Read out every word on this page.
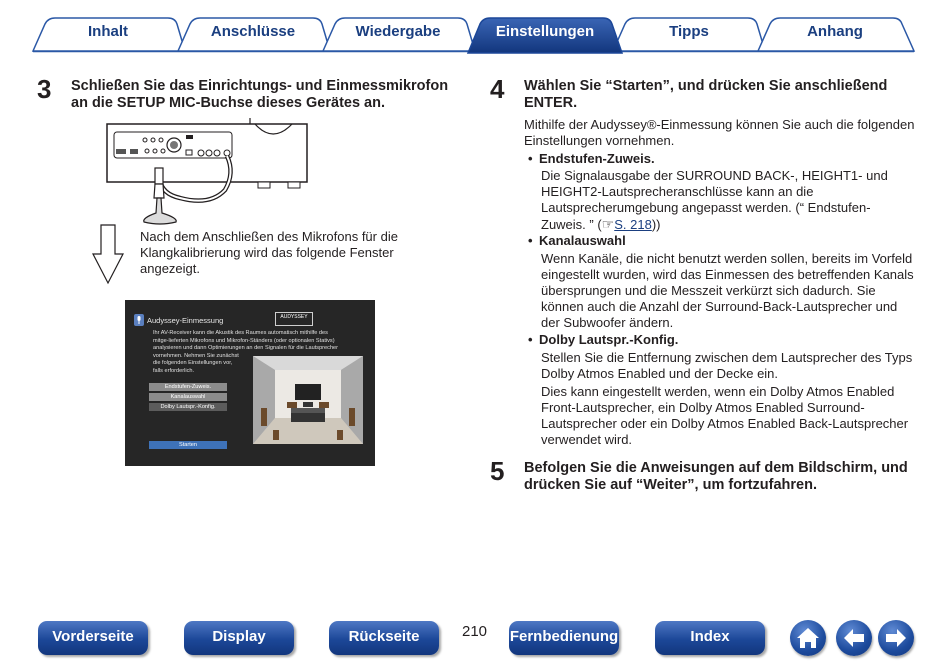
Inhalt	Anschlüsse	Wiedergabe	Einstellungen	Tipps	Anhang
3 Schließen Sie das Einrichtungs- und Einmessmikrofon
an die SETUP MIC-Buchse dieses Gerätes an.
Nach dem Anschließen des Mikrofons für die
Klangkalibrierung wird das folgende Fenster
angezeigt.
Audyssey-Einmessung	AUDYSSEY
Ihr AV-Receiver kann die Akustik des Raumes automatisch mithilfe des
mitge-lieferten Mikrofons und Mikrofon-Ständers (oder optionalen Stativs)
analysieren und dann Optimierungen an den Signalen für die Lautsprecher
vornehmen. Nehmen Sie zunächst
die folgenden Einstellungen vor,
falls erforderlich.
Endstufen-Zuweis.
Kanalauswahl
Dolby Lautspr.-Konfig.
Starten
4 Wählen Sie “Starten”, und drücken Sie anschließend
ENTER.
Mithilfe der Audyssey®-Einmessung können Sie auch die folgenden
Einstellungen vornehmen.
• Endstufen-Zuweis.
Die Signalausgabe der SURROUND BACK-, HEIGHT1- und
HEIGHT2-Lautsprecheranschlüsse kann an die
Lautsprecherumgebung angepasst werden. (“ Endstufen-
Zuweis. ” (☞S. 218))
• Kanalauswahl
Wenn Kanäle, die nicht benutzt werden sollen, bereits im Vorfeld
eingestellt wurden, wird das Einmessen des betreffenden Kanals
übersprungen und die Messzeit verkürzt sich dadurch. Sie
können auch die Anzahl der Surround-Back-Lautsprecher und
der Subwoofer ändern.
• Dolby Lautspr.-Konfig.
Stellen Sie die Entfernung zwischen dem Lautsprecher des Typs
Dolby Atmos Enabled und der Decke ein.
Dies kann eingestellt werden, wenn ein Dolby Atmos Enabled
Front-Lautsprecher, ein Dolby Atmos Enabled Surround-
Lautsprecher oder ein Dolby Atmos Enabled Back-Lautsprecher
verwendet wird.
5 Befolgen Sie die Anweisungen auf dem Bildschirm, und
drücken Sie auf “Weiter”, um fortzufahren.
Vorderseite	Display	Rückseite	210 Fernbedienung	Index
